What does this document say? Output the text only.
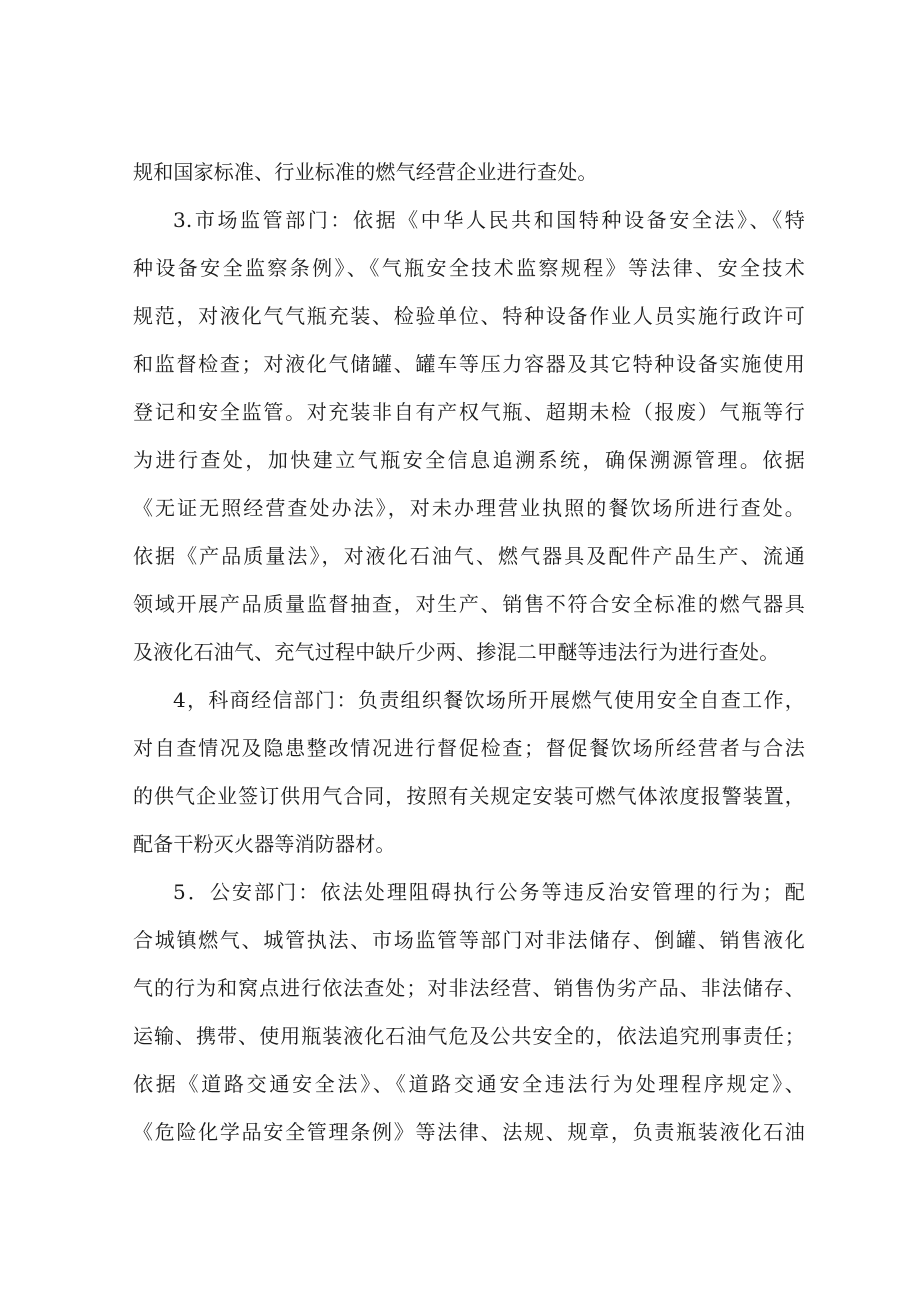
规和国家标准、行业标准的燃气经营企业进行查处。
3.市场监管部门：依据《中华人民共和国特种设备安全法》、《特
种设备安全监察条例》、《气瓶安全技术监察规程》等法律、安全技术
规范，对液化气气瓶充装、检验单位、特种设备作业人员实施行政许可
和监督检查；对液化气储罐、罐车等压力容器及其它特种设备实施使用
登记和安全监管。对充装非自有产权气瓶、超期未检（报废）气瓶等行
为进行查处，加快建立气瓶安全信息追溯系统，确保溯源管理。依据
《无证无照经营查处办法》，对未办理营业执照的餐饮场所进行查处。
依据《产品质量法》，对液化石油气、燃气器具及配件产品生产、流通
领域开展产品质量监督抽查，对生产、销售不符合安全标准的燃气器具
及液化石油气、充气过程中缺斤少两、掺混二甲醚等违法行为进行查处。
4，科商经信部门：负责组织餐饮场所开展燃气使用安全自查工作，
对自查情况及隐患整改情况进行督促检查；督促餐饮场所经营者与合法
的供气企业签订供用气合同，按照有关规定安装可燃气体浓度报警装置，
配备干粉灭火器等消防器材。
5．公安部门：依法处理阻碍执行公务等违反治安管理的行为；配
合城镇燃气、城管执法、市场监管等部门对非法储存、倒罐、销售液化
气的行为和窝点进行依法查处；对非法经营、销售伪劣产品、非法储存、
运输、携带、使用瓶装液化石油气危及公共安全的，依法追究刑事责任；
依据《道路交通安全法》、《道路交通安全违法行为处理程序规定》、
《危险化学品安全管理条例》等法律、法规、规章，负责瓶装液化石油
